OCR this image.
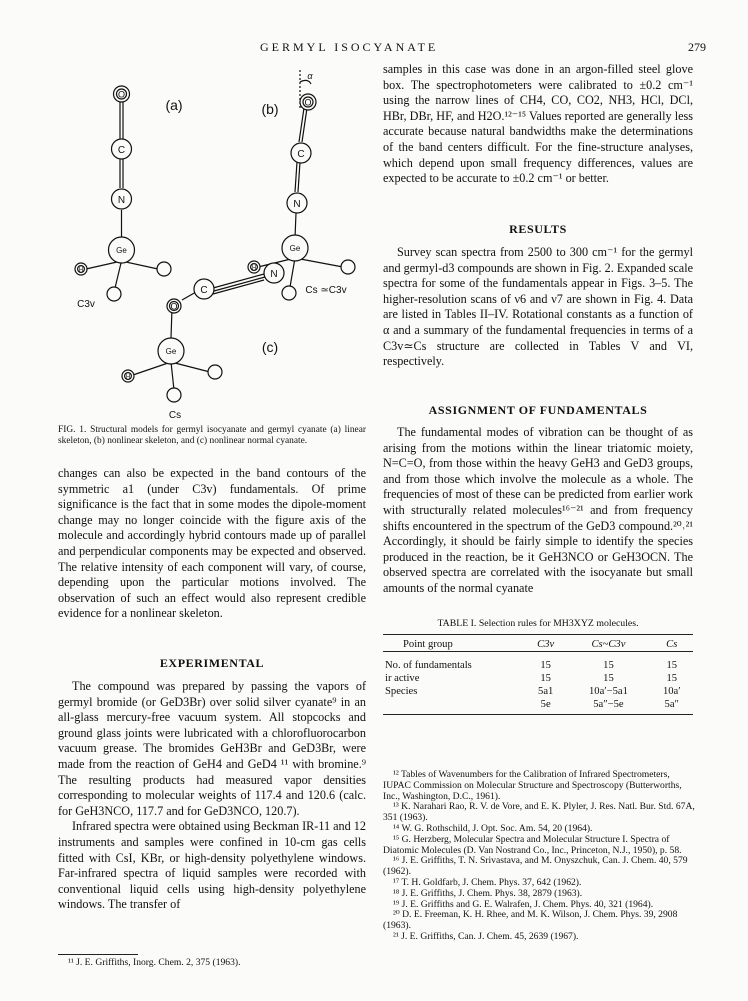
GERMYL ISOCYANATE	279
O
C
N
Ge
H
O
C
N
Ge
H
C
N
O
Ge
H
α
(a)	(b)
(c)
C3v
Cs ≃C3v
Cs
FIG. 1. Structural models for germyl isocyanate and germyl cyanate (a) linear skeleton, (b) nonlinear skeleton, and (c) nonlinear normal cyanate.

changes can also be expected in the band contours of the symmetric a1 (under C3v) fundamentals. Of prime significance is the fact that in some modes the dipole-moment change may no longer coincide with the figure axis of the molecule and accordingly hybrid contours made up of parallel and perpendicular components may be expected and observed. The relative intensity of each component will vary, of course, depending upon the particular motions involved. The observation of such an effect would also represent credible evidence for a nonlinear skeleton.

EXPERIMENTAL

The compound was prepared by passing the vapors of germyl bromide (or GeD3Br) over solid silver cyanate⁹ in an all-glass mercury-free vacuum system. All stopcocks and ground glass joints were lubricated with a chlorofluorocarbon vacuum grease. The bromides GeH3Br and GeD3Br, were made from the reaction of GeH4 and GeD4 ¹¹ with bromine.⁹ The resulting products had measured vapor densities corresponding to molecular weights of 117.4 and 120.6 (calc. for GeH3NCO, 117.7 and for GeD3NCO, 120.7).

Infrared spectra were obtained using Beckman IR-11 and 12 instruments and samples were confined in 10-cm gas cells fitted with CsI, KBr, or high-density polyethylene windows. Far-infrared spectra of liquid samples were recorded with conventional liquid cells using high-density polyethylene windows. The transfer of

¹¹ J. E. Griffiths, Inorg. Chem. 2, 375 (1963).

samples in this case was done in an argon-filled steel glove box. The spectrophotometers were calibrated to ±0.2 cm⁻¹ using the narrow lines of CH4, CO, CO2, NH3, HCl, DCl, HBr, DBr, HF, and H2O.¹²⁻¹⁵ Values reported are generally less accurate because natural bandwidths make the determinations of the band centers difficult. For the fine-structure analyses, which depend upon small frequency differences, values are expected to be accurate to ±0.2 cm⁻¹ or better.

RESULTS

Survey scan spectra from 2500 to 300 cm⁻¹ for the germyl and germyl-d3 compounds are shown in Fig. 2. Expanded scale spectra for some of the fundamentals appear in Figs. 3–5. The higher-resolution scans of ν6 and ν7 are shown in Fig. 4. Data are listed in Tables II–IV. Rotational constants as a function of α and a summary of the fundamental frequencies in terms of a C3v≃Cs structure are collected in Tables V and VI, respectively.

ASSIGNMENT OF FUNDAMENTALS

The fundamental modes of vibration can be thought of as arising from the motions within the linear triatomic moiety, N=C=O, from those within the heavy GeH3 and GeD3 groups, and from those which involve the molecule as a whole. The frequencies of most of these can be predicted from earlier work with structurally related molecules¹⁶⁻²¹ and from frequency shifts encountered in the spectrum of the GeD3 compound.²⁰˒²¹ Accordingly, it should be fairly simple to identify the species produced in the reaction, be it GeH3NCO or GeH3OCN. The observed spectra are correlated with the isocyanate but small amounts of the normal cyanate

TABLE I. Selection rules for MH3XYZ molecules.
Point group	C3v	Cs~C3v	Cs

No. of fundamentals	15	15	15
ir active	15	15	15
Species	5a1	10a′−5a1	10a′
	5e	5a″−5e	5a″
¹² Tables of Wavenumbers for the Calibration of Infrared Spectrometers, IUPAC Commission on Molecular Structure and Spectroscopy (Butterworths, Inc., Washington, D.C., 1961).
¹³ K. Narahari Rao, R. V. de Vore, and E. K. Plyler, J. Res. Natl. Bur. Std. 67A, 351 (1963).
¹⁴ W. G. Rothschild, J. Opt. Soc. Am. 54, 20 (1964).
¹⁵ G. Herzberg, Molecular Spectra and Molecular Structure I. Spectra of Diatomic Molecules (D. Van Nostrand Co., Inc., Princeton, N.J., 1950), p. 58.
¹⁶ J. E. Griffiths, T. N. Srivastava, and M. Onyszchuk, Can. J. Chem. 40, 579 (1962).
¹⁷ T. H. Goldfarb, J. Chem. Phys. 37, 642 (1962).
¹⁸ J. E. Griffiths, J. Chem. Phys. 38, 2879 (1963).
¹⁹ J. E. Griffiths and G. E. Walrafen, J. Chem. Phys. 40, 321 (1964).
²⁰ D. E. Freeman, K. H. Rhee, and M. K. Wilson, J. Chem. Phys. 39, 2908 (1963).
²¹ J. E. Griffiths, Can. J. Chem. 45, 2639 (1967).
